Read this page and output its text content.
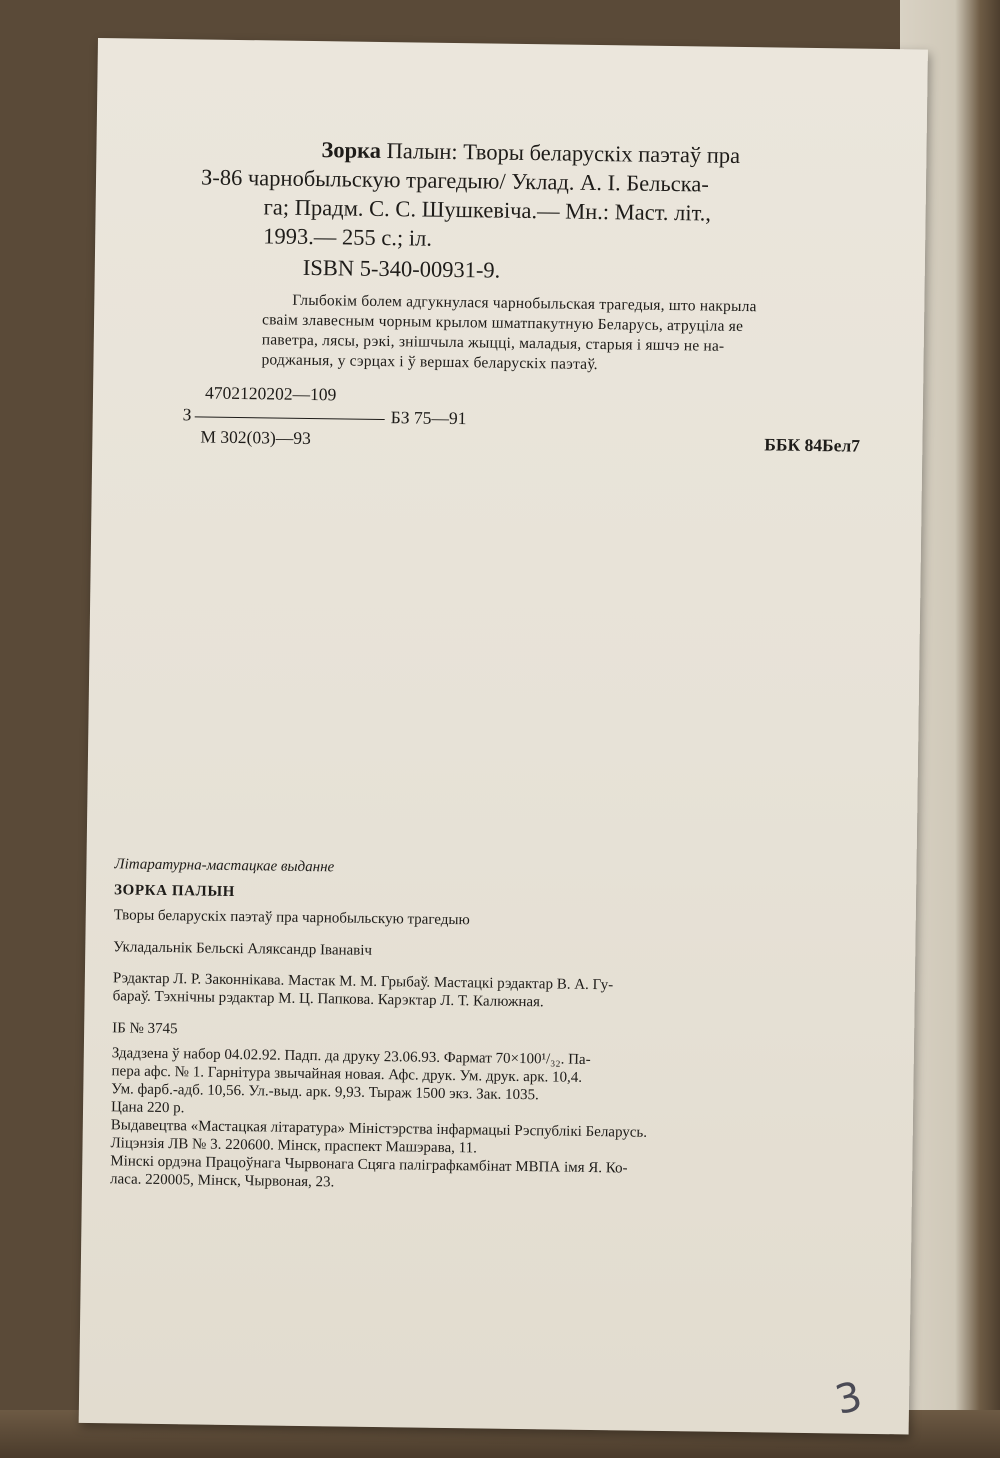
Зорка Палын: Творы беларускіх паэтаў пра
З-86 чарнобыльскую трагедыю/ Уклад. А. І. Бельска-
га; Прадм. С. С. Шушкевіча.— Мн.: Маст. літ.,
1993.— 255 с.; іл.
ISBN 5-340-00931-9.
Глыбокім болем адгукнулася чарнобыльская трагедыя, што накрыла
сваім злавесным чорным крылом шматпакутную Беларусь, атруціла яе
паветра, лясы, рэкі, знішчыла жыцці, маладыя, старыя і яшчэ не на-
роджаныя, у сэрцах і ў вершах беларускіх паэтаў.
4702120202—109
З	БЗ 75—91
М 302(03)—93	ББК 84Бел7
Літаратурна-мастацкае выданне
ЗОРКА ПАЛЫН
Творы беларускіх паэтаў пра чарнобыльскую трагедыю
Укладальнік Бельскі Аляксандр Іванавіч
Рэдактар Л. Р. Законнікава. Мастак М. М. Грыбаў. Мастацкі рэдактар В. А. Гу-
бараў. Тэхнічны рэдактар М. Ц. Папкова. Карэктар Л. Т. Калюжная.
ІБ № 3745
Здадзена ў набор 04.02.92. Падп. да друку 23.06.93. Фармат 70×100¹/₃₂. Па-
пера афс. № 1. Гарнітура звычайная новая. Афс. друк. Ум. друк. арк. 10,4.
Ум. фарб.-адб. 10,56. Ул.-выд. арк. 9,93. Тыраж 1500 экз. Зак. 1035.
Цана 220 р.
Выдавецтва «Мастацкая літаратура» Міністэрства інфармацыі Рэспублікі Беларусь.
Ліцэнзія ЛВ № 3. 220600. Мінск, праспект Машэрава, 11.
Мінскі ордэна Працоўнага Чырвонага Сцяга паліграфкамбінат МВПА імя Я. Ко-
ласа. 220005, Мінск, Чырвоная, 23.
3
